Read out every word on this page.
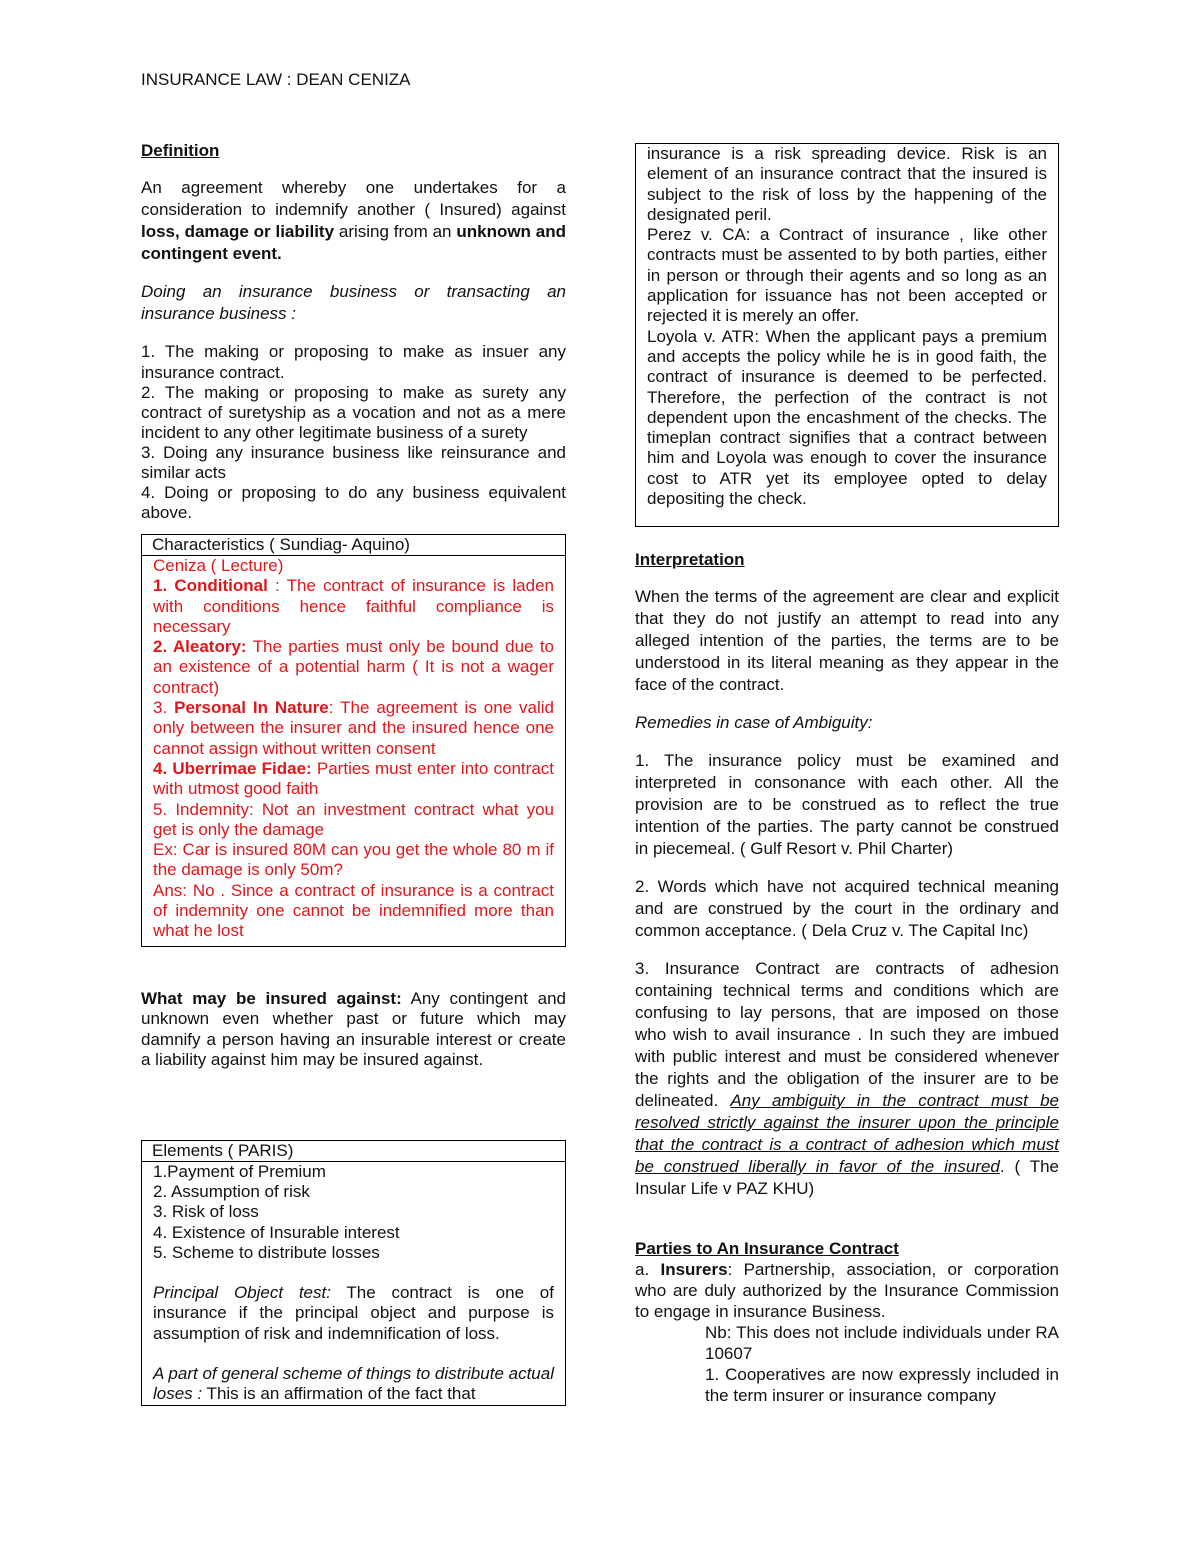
INSURANCE LAW : DEAN CENIZA

Definition

An agreement whereby one undertakes for a consideration to indemnify another ( Insured) against loss, damage or liability arising from an unknown and contingent event.

Doing an insurance business or transacting an insurance business :

1. The making or proposing to make as insuer any insurance contract.

2. The making or proposing to make as surety any contract of suretyship as a vocation and not as a mere incident to any other legitimate business of a surety

3. Doing any insurance business like reinsurance and similar acts

4. Doing or proposing to do any business equivalent above.

Characteristics ( Sundiag- Aquino)

Ceniza ( Lecture)

1. Conditional : The contract of insurance is laden with conditions hence faithful compliance is necessary

2. Aleatory: The parties must only be bound due to an existence of a potential harm ( It is not a wager contract)

3. Personal In Nature: The agreement is one valid only between the insurer and the insured hence one cannot assign without written consent

4. Uberrimae Fidae: Parties must enter into contract with utmost good faith

5. Indemnity: Not an investment contract what you get is only the damage

Ex: Car is insured 80M can you get the whole 80 m if the damage is only 50m?

Ans: No . Since a contract of insurance is a contract of indemnity one cannot be indemnified more than what he lost

What may be insured against: Any contingent and unknown even whether past or future which may damnify a person having an insurable interest or create a liability against him may be insured against.

Elements ( PARIS)

1.Payment of Premium

2. Assumption of risk

3. Risk of loss

4. Existence of Insurable interest

5. Scheme to distribute losses

Principal Object test: The contract is one of insurance if the principal object and purpose is assumption of risk and indemnification of loss.

A part of general scheme of things to distribute actual loses : This is an affirmation of the fact that

insurance is a risk spreading device. Risk is an element of an insurance contract that the insured is subject to the risk of loss by the happening of the designated peril.

Perez v. CA: a Contract of insurance , like other contracts must be assented to by both parties, either in person or through their agents and so long as an application for issuance has not been accepted or rejected it is merely an offer.

Loyola v. ATR: When the applicant pays a premium and accepts the policy while he is in good faith, the contract of insurance is deemed to be perfected. Therefore, the perfection of the contract is not dependent upon the encashment of the checks. The timeplan contract signifies that a contract between him and Loyola was enough to cover the insurance cost to ATR yet its employee opted to delay depositing the check.

Interpretation

When the terms of the agreement are clear and explicit that they do not justify an attempt to read into any alleged intention of the parties, the terms are to be understood in its literal meaning as they appear in the face of the contract.

Remedies in case of Ambiguity:

1. The insurance policy must be examined and interpreted in consonance with each other. All the provision are to be construed as to reflect the true intention of the parties. The party cannot be construed in piecemeal. ( Gulf Resort v. Phil Charter)

2. Words which have not acquired technical meaning and are construed by the court in the ordinary and common acceptance. ( Dela Cruz v. The Capital Inc)

3. Insurance Contract are contracts of adhesion containing technical terms and conditions which are confusing to lay persons, that are imposed on those who wish to avail insurance . In such they are imbued with public interest and must be considered whenever the rights and the obligation of the insurer are to be delineated. Any ambiguity in the contract must be resolved strictly against the insurer upon the principle that the contract is a contract of adhesion which must be construed liberally in favor of the insured. ( The Insular Life v PAZ KHU)

Parties to An Insurance Contract

a. Insurers: Partnership, association, or corporation who are duly authorized by the Insurance Commission to engage in insurance Business.

Nb: This does not include individuals under RA 10607

1. Cooperatives are now expressly included in the term insurer or insurance company
